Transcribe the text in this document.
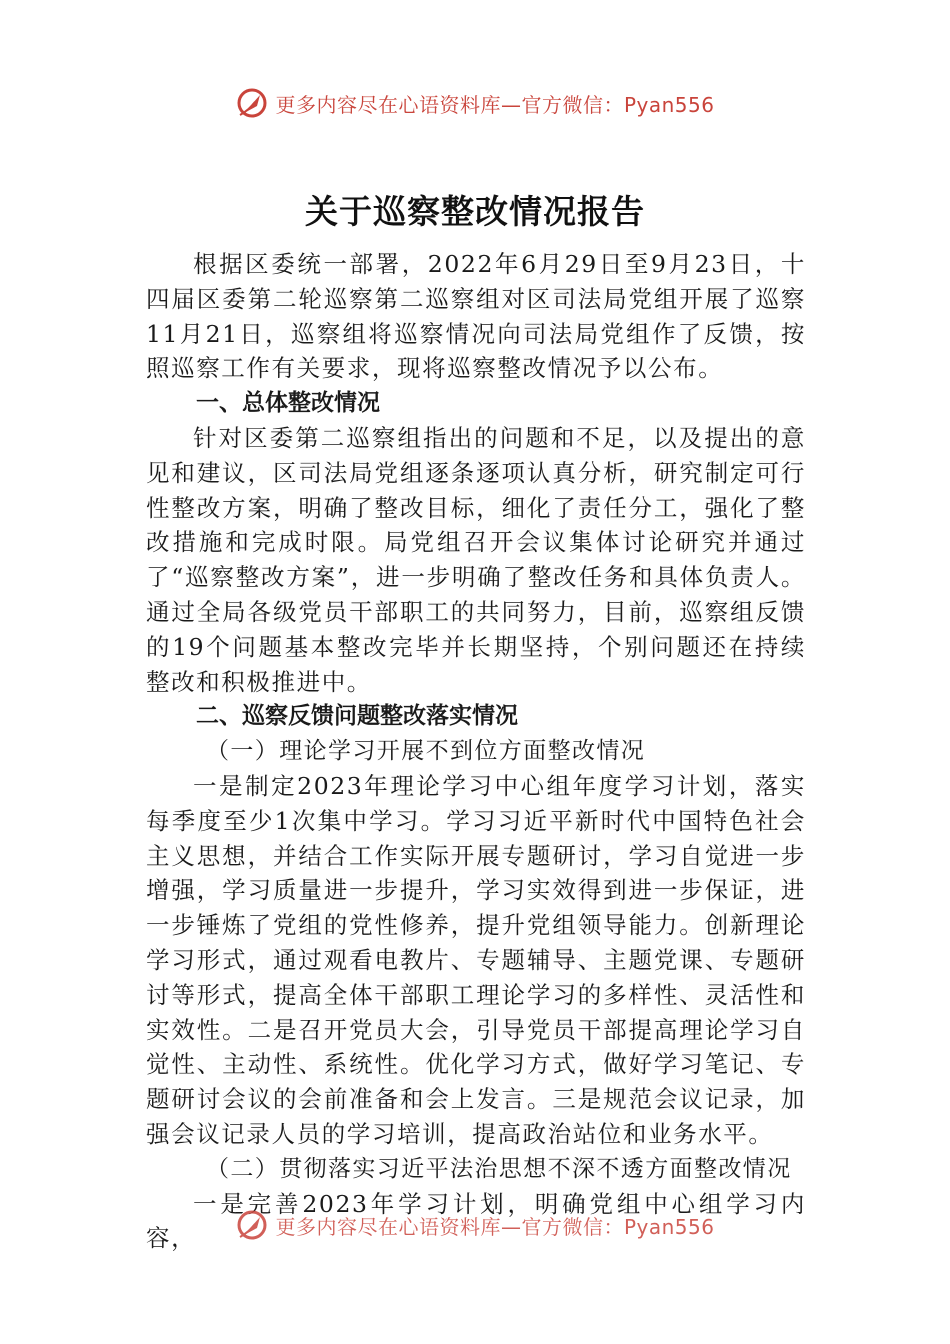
更多内容尽在心语资料库—官方微信：Pyan556
关于巡察整改情况报告

根据区委统一部署，2022年6月29日至9月23日，十四届区委第二轮巡察第二巡察组对区司法局党组开展了巡察11月21日，巡察组将巡察情况向司法局党组作了反馈，按照巡察工作有关要求，现将巡察整改情况予以公布。

一、总体整改情况

针对区委第二巡察组指出的问题和不足，以及提出的意见和建议，区司法局党组逐条逐项认真分析，研究制定可行性整改方案，明确了整改目标，细化了责任分工，强化了整改措施和完成时限。局党组召开会议集体讨论研究并通过了“巡察整改方案”，进一步明确了整改任务和具体负责人。通过全局各级党员干部职工的共同努力，目前，巡察组反馈的19个问题基本整改完毕并长期坚持，个别问题还在持续整改和积极推进中。

二、巡察反馈问题整改落实情况

（一）理论学习开展不到位方面整改情况

一是制定2023年理论学习中心组年度学习计划，落实每季度至少1次集中学习。学习习近平新时代中国特色社会主义思想，并结合工作实际开展专题研讨，学习自觉进一步增强，学习质量进一步提升，学习实效得到进一步保证，进一步锤炼了党组的党性修养，提升党组领导能力。创新理论学习形式，通过观看电教片、专题辅导、主题党课、专题研讨等形式，提高全体干部职工理论学习的多样性、灵活性和实效性。二是召开党员大会，引导党员干部提高理论学习自觉性、主动性、系统性。优化学习方式，做好学习笔记、专题研讨会议的会前准备和会上发言。三是规范会议记录，加强会议记录人员的学习培训，提高政治站位和业务水平。

（二）贯彻落实习近平法治思想不深不透方面整改情况

一是完善2023年学习计划，明确党组中心组学习内容，	更多内容尽在心语资料库—官方微信：Pyan556
